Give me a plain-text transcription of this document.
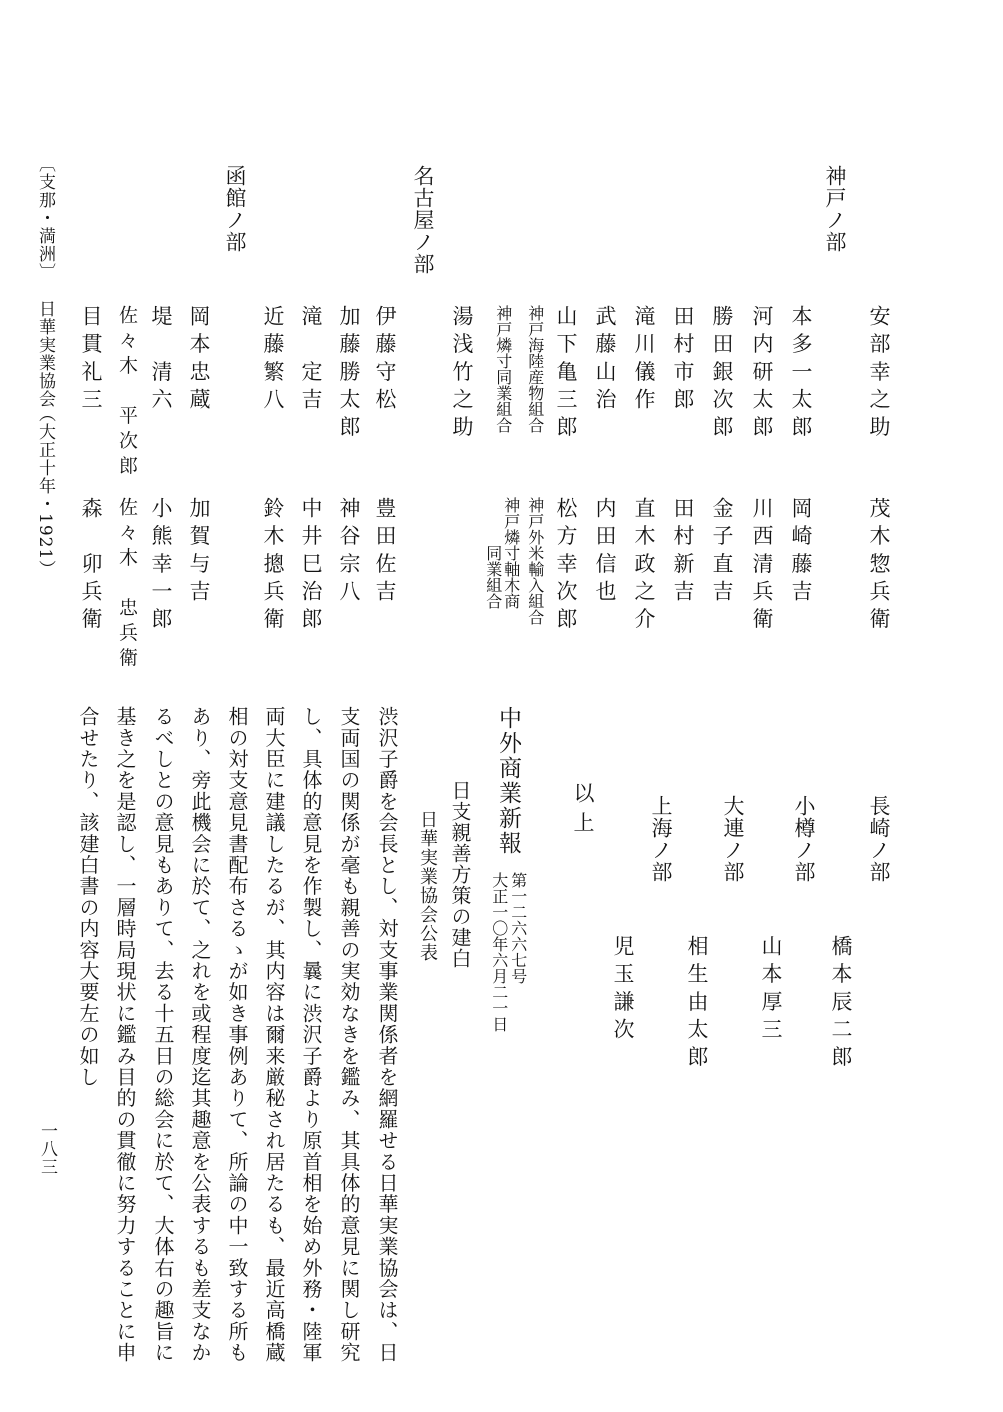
神戸ノ部
安 部 幸 之 助
茂 木 惣 兵 衛
本 多 一 太 郎
岡 崎 藤 吉
河 内 研 太 郎
川 西 清 兵 衛
勝 田 銀 次 郎
金 子 直 吉
田 村 市 郎
田 村 新 吉
滝 川 儀 作
直 木 政 之 介
武 藤 山 治
内 田 信 也
山 下 亀 三 郎
松 方 幸 次 郎
神戸海陸産物組合
神戸外米輸入組合
神戸燐寸同業組合
神戸燐寸軸木商
同業組合
湯 浅 竹 之 助
名古屋ノ部
伊 藤 守 松
豊 田 佐 吉
加 藤 勝 太 郎
神 谷 宗 八
滝 　 定 吉
中 井 巳 治 郎
近 藤 繁 八
鈴 木 摠 兵 衛
函館ノ部
岡 本 忠 蔵
加 賀 与 吉
堤 　 清 六
小 熊 幸 一 郎
佐 々 木 　 平 次 郎
佐 々 木 　 忠 兵 衛
目 貫 礼 三
森 　 卯 兵 衛
〔支那・満洲〕
日華実業協会
（大正十年・1921）
長崎ノ部
橋 本 辰 二 郎
小樽ノ部
山 本 厚 三
大連ノ部
相 生 由 太 郎
上海ノ部
児 玉 謙 次
以 上
中外商業新報
第一二六六七号
大正一〇年六月二一日
日支親善方策の建白
日華実業協会公表
渋沢子爵を会長とし、対支事業関係者を網羅せる日華実業協会は、日
支両国の関係が毫も親善の実効なきを鑑み、其具体的意見に関し研究
し、具体的意見を作製し、曩に渋沢子爵より原首相を始め外務・陸軍
両大臣に建議したるが、其内容は爾来厳秘され居たるも、最近高橋蔵
相の対支意見書配布さるゝが如き事例ありて、所論の中一致する所も
あり、旁此機会に於て、之れを或程度迄其趣意を公表するも差支なか
るべしとの意見もありて、去る十五日の総会に於て、大体右の趣旨に
基き之を是認し、一層時局現状に鑑み目的の貫徹に努力することに申
合せたり、該建白書の内容大要左の如し
一八三
